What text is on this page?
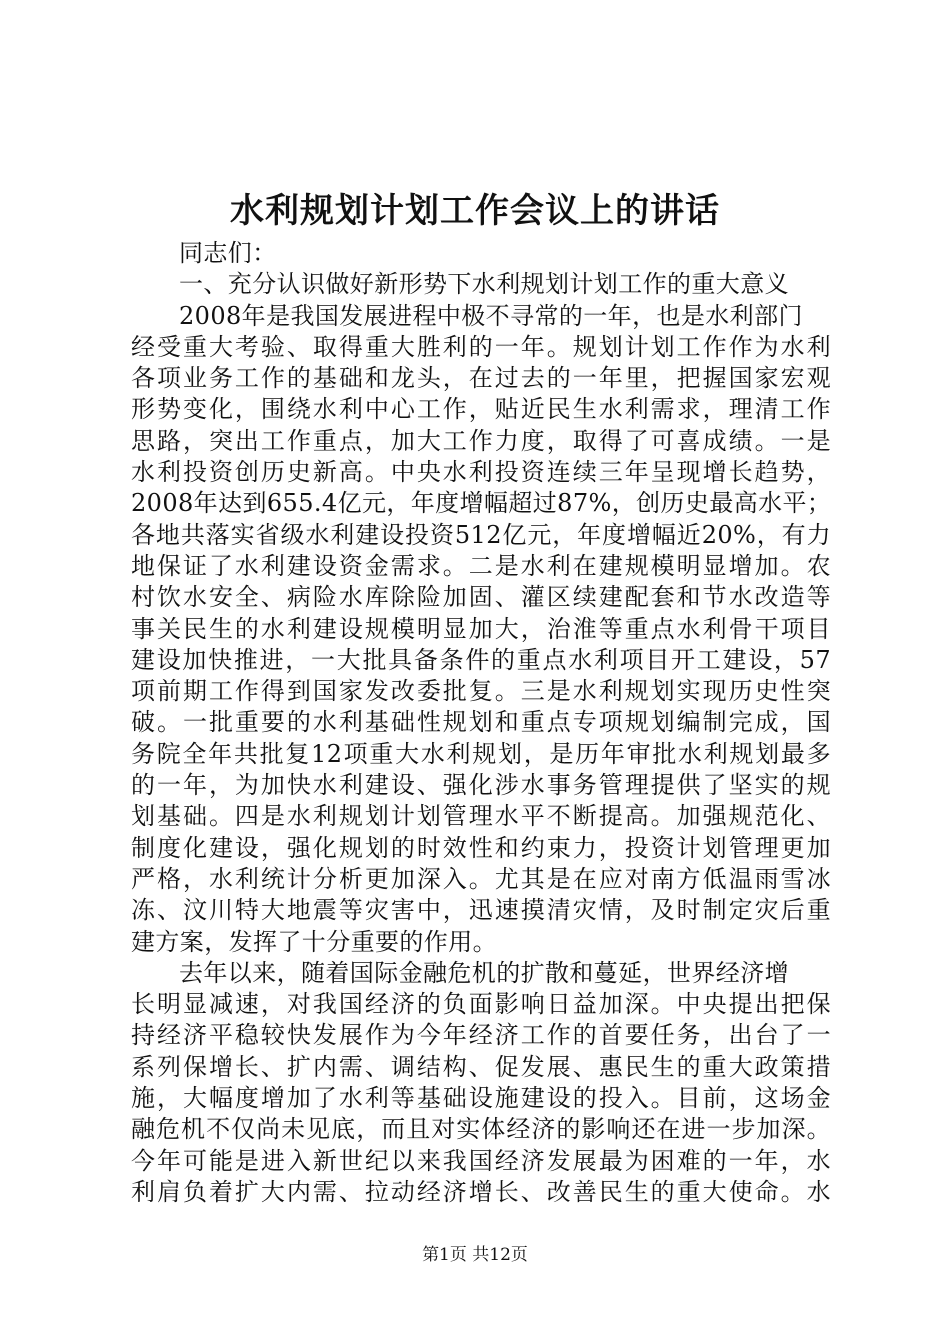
水利规划计划工作会议上的讲话
同志们：
一、充分认识做好新形势下水利规划计划工作的重大意义
2008年是我国发展进程中极不寻常的一年，也是水利部门
经受重大考验、取得重大胜利的一年。规划计划工作作为水利
各项业务工作的基础和龙头，在过去的一年里，把握国家宏观
形势变化，围绕水利中心工作，贴近民生水利需求，理清工作
思路，突出工作重点，加大工作力度，取得了可喜成绩。一是
水利投资创历史新高。中央水利投资连续三年呈现增长趋势，
2008年达到655.4亿元，年度增幅超过87%，创历史最高水平；
各地共落实省级水利建设投资512亿元，年度增幅近20%，有力
地保证了水利建设资金需求。二是水利在建规模明显增加。农
村饮水安全、病险水库除险加固、灌区续建配套和节水改造等
事关民生的水利建设规模明显加大，治淮等重点水利骨干项目
建设加快推进，一大批具备条件的重点水利项目开工建设，57
项前期工作得到国家发改委批复。三是水利规划实现历史性突
破。一批重要的水利基础性规划和重点专项规划编制完成，国
务院全年共批复12项重大水利规划，是历年审批水利规划最多
的一年，为加快水利建设、强化涉水事务管理提供了坚实的规
划基础。四是水利规划计划管理水平不断提高。加强规范化、
制度化建设，强化规划的时效性和约束力，投资计划管理更加
严格，水利统计分析更加深入。尤其是在应对南方低温雨雪冰
冻、汶川特大地震等灾害中，迅速摸清灾情，及时制定灾后重
建方案，发挥了十分重要的作用。
去年以来，随着国际金融危机的扩散和蔓延，世界经济增
长明显减速，对我国经济的负面影响日益加深。中央提出把保
持经济平稳较快发展作为今年经济工作的首要任务，出台了一
系列保增长、扩内需、调结构、促发展、惠民生的重大政策措
施，大幅度增加了水利等基础设施建设的投入。目前，这场金
融危机不仅尚未见底，而且对实体经济的影响还在进一步加深。
今年可能是进入新世纪以来我国经济发展最为困难的一年，水
利肩负着扩大内需、拉动经济增长、改善民生的重大使命。水
第1页 共12页
